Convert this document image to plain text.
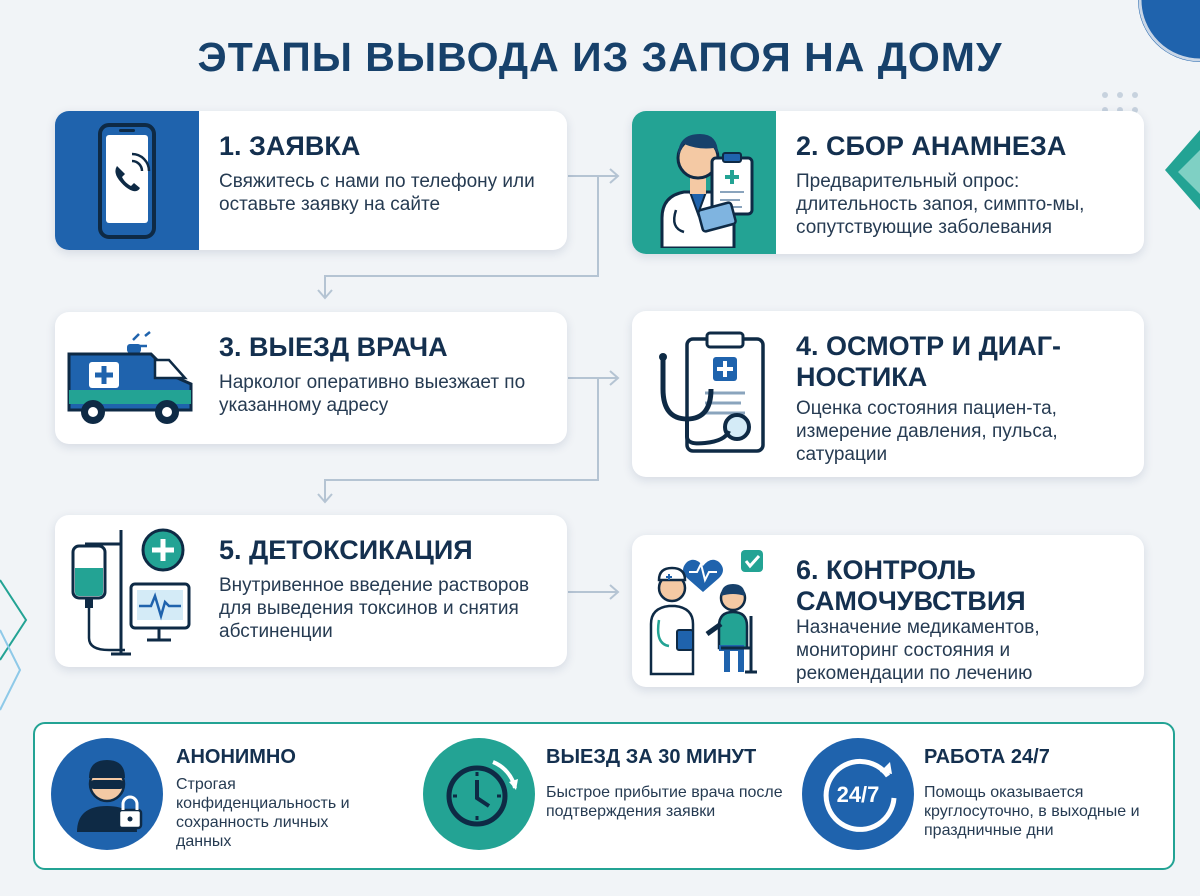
ЭТАПЫ ВЫВОДА ИЗ ЗАПОЯ НА ДОМУ
1. ЗАЯВКА

Свяжитесь с нами по телефону или оставьте заявку на сайте

2. СБОР АНАМНЕЗА

Предварительный опрос: длительность запоя, симпто-мы, сопутствующие заболевания

3. ВЫЕЗД ВРАЧА

Нарколог оперативно выезжает по указанному адресу

4. ОСМОТР И ДИАГ-НОСТИКА

Оценка состояния пациен-та, измерение давления, пульса, сатурации

5. ДЕТОКСИКАЦИЯ

Внутривенное введение растворов для выведения токсинов и снятия абстиненции

6. КОНТРОЛЬ САМОЧУВСТВИЯ

Назначение медикаментов, мониторинг состояния и рекомендации по лечению

АНОНИМНО

Строгая конфиденциальность и сохранность личных данных

ВЫЕЗД ЗА 30 МИНУТ

Быстрое прибытие врача после подтверждения заявки

24/7

РАБОТА 24/7

Помощь оказывается круглосуточно, в выходные и праздничные дни
